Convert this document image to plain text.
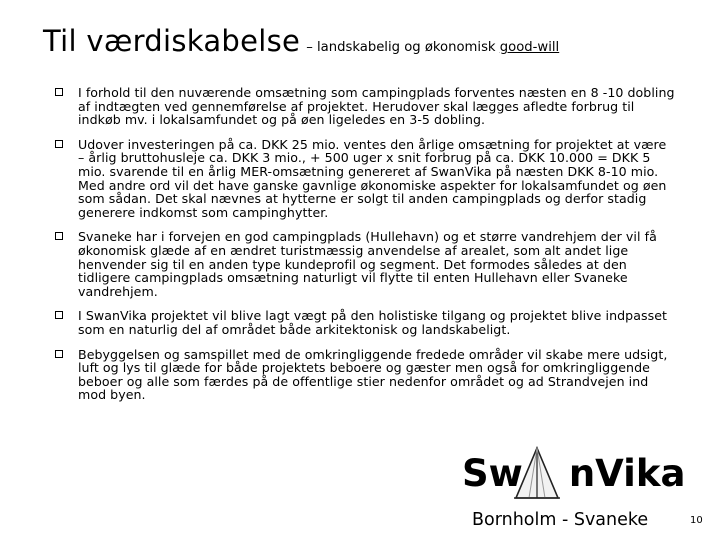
Til værdiskabelse – landskabelig og økonomisk good-will
I forhold til den nuværende omsætning som campingplads forventes næsten en 8 -10 dobling af indtægten ved gennemførelse af projektet. Herudover skal lægges afledte forbrug til indkøb mv. i lokalsamfundet og på øen ligeledes en 3-5 dobling.
Udover investeringen på ca. DKK 25 mio. ventes den årlige omsætning for projektet at være – årlig bruttohusleje ca. DKK 3 mio., + 500 uger x snit forbrug på ca. DKK 10.000 = DKK 5 mio. svarende til en årlig MER-omsætning genereret af SwanVika på næsten DKK 8-10 mio. Med andre ord vil det have ganske gavnlige økonomiske aspekter for lokalsamfundet og øen som sådan. Det skal nævnes at hytterne er solgt til anden campingplads og derfor stadig generere indkomst som campinghytter.
Svaneke har i forvejen en god campingplads (Hullehavn) og et større vandrehjem der vil få økonomisk glæde af en ændret turistmæssig anvendelse af arealet, som alt andet lige henvender sig til en anden type kundeprofil og segment. Det formodes således at den tidligere campingplads omsætning naturligt vil flytte til enten Hullehavn eller Svaneke vandrehjem.
I SwanVika projektet vil blive lagt vægt på den holistiske tilgang og projektet blive indpasset som en naturlig del af området både arkitektonisk og landskabeligt.
Bebyggelsen og samspillet med de omkringliggende fredede områder vil skabe mere udsigt, luft og lys til glæde for både projektets beboere og gæster men også for omkringliggende beboer og alle som færdes på de offentlige stier nedenfor området og ad Strandvejen ind mod byen.
Sw nVika
Bornholm - Svaneke	10
